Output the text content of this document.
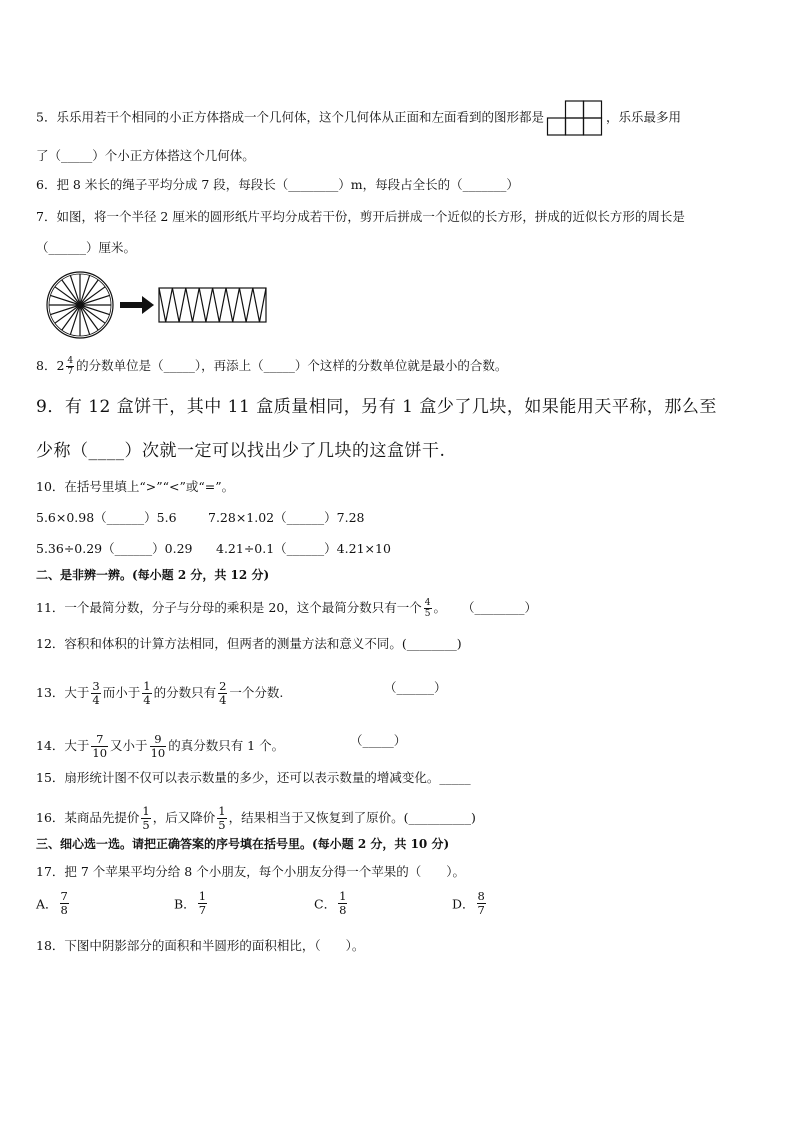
5．乐乐用若干个相同的小正方体搭成一个几何体，这个几何体从正面和左面看到的图形都是	，乐乐最多用
了（_____）个小正方体搭这个几何体。
6．把 8 米长的绳子平均分成 7 段，每段长（________）m，每段占全长的（_______）
7．如图，将一个半径 2 厘米的圆形纸片平均分成若干份，剪开后拼成一个近似的长方形，拼成的近似长方形的周长是
（______）厘米。
8．$2 \frac{4}{7}$ 的分数单位是（_____），再添上（_____）个这样的分数单位就是最小的合数。
9．有 12 盒饼干，其中 11 盒质量相同，另有 1 盒少了几块，如果能用天平称，那么至
少称（____）次就一定可以找出少了几块的这盒饼干.
10．在括号里填上“>”“<”或“=”。
5.6×0.98（______）5.6	7.28×1.02（______）7.28
5.36÷0.29（______）0.29 4.21÷0.1（______）4.21×10
二、是非辨一辨。(每小题 2 分，共 12 分)
11．一个最简分数，分子与分母的乘积是 20，这个最简分数只有一个 $\frac{4}{5}$ 。 （________）
12．容积和体积的计算方法相同，但两者的测量方法和意义不同。(________)
13．大于 $\frac{3}{4}$ 而小于 $\frac{1}{4}$ 的分数只有 $\frac{2}{4}$ 一个分数.	（______）
14．大于 $\frac{7}{10}$ 又小于 $\frac{9}{10}$ 的真分数只有 1 个。	（_____）
15．扇形统计图不仅可以表示数量的多少，还可以表示数量的增减变化。_____
16．某商品先提价 $\frac{1}{5}$ ，后又降价 $\frac{1}{5}$ ，结果相当于又恢复到了原价。(__________)
三、细心选一选。请把正确答案的序号填在括号里。(每小题 2 分，共 10 分)
17．把 7 个苹果平均分给 8 个小朋友，每个小朋友分得一个苹果的（　　）。
A． $\frac{7}{8}$	B． $\frac{1}{7}$	C． $\frac{1}{8}$	D． $\frac{8}{7}$
18．下图中阴影部分的面积和半圆形的面积相比，（　　）。
